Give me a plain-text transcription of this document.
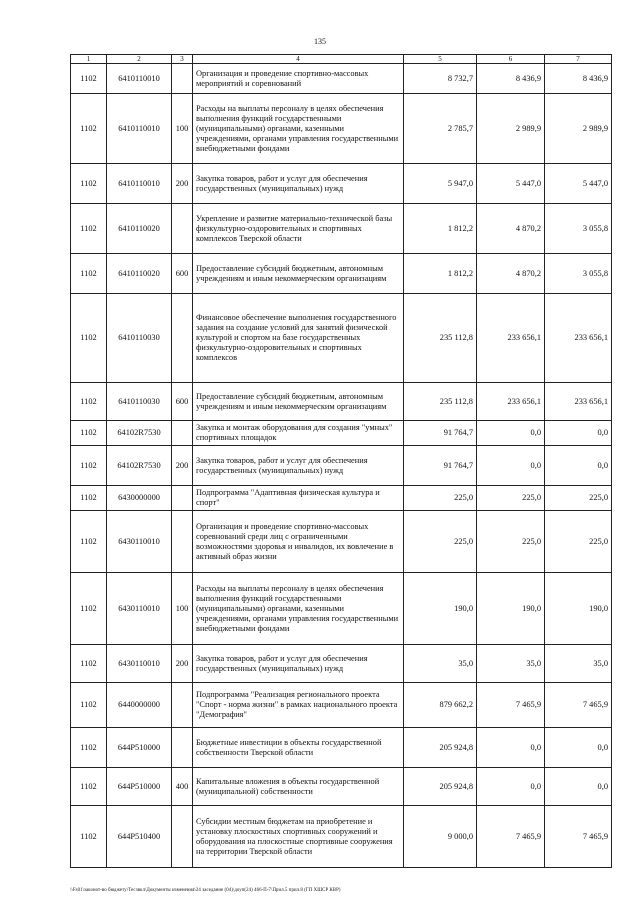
135
1	2	3	4	5	6	7
1102	6410110010		Организация и проведение спортивно-массовых мероприятий и соревнований	8 732,7	8 436,9	8 436,9
1102	6410110010	100	Расходы на выплаты персоналу в целях обеспечения выполнения функций государственными (муниципальными) органами, казенными учреждениями, органами управления государственными внебюджетными фондами	2 785,7	2 989,9	2 989,9
1102	6410110010	200	Закупка товаров, работ и услуг для обеспечения государственных (муниципальных) нужд	5 947,0	5 447,0	5 447,0
1102	6410110020		Укрепление и развитие материально-технической базы физкультурно-оздоровительных и спортивных комплексов Тверской области	1 812,2	4 870,2	3 055,8
1102	6410110020	600	Предоставление субсидий бюджетным, автономным учреждениям и иным некоммерческим организациям	1 812,2	4 870,2	3 055,8
1102	6410110030		Финансовое обеспечение выполнения государственного задания на создание условий для занятий физической культурой и спортом на базе государственных физкультурно-оздоровительных и спортивных комплексов	235 112,8	233 656,1	233 656,1
1102	6410110030	600	Предоставление субсидий бюджетным, автономным учреждениям и иным некоммерческим организациям	235 112,8	233 656,1	233 656,1
1102	64102R7530		Закупка и монтаж оборудования для создания "умных" спортивных площадок	91 764,7	0,0	0,0
1102	64102R7530	200	Закупка товаров, работ и услуг для обеспечения государственных (муниципальных) нужд	91 764,7	0,0	0,0
1102	6430000000		Подпрограмма "Адаптивная физическая культура и спорт"	225,0	225,0	225,0
1102	6430110010		Организация и проведение спортивно-массовых соревнований среди лиц с ограниченными возможностями здоровья и инвалидов, их вовлечение в активный образ жизни	225,0	225,0	225,0
1102	6430110010	100	Расходы на выплаты персоналу в целях обеспечения выполнения функций государственными (муниципальными) органами, казенными учреждениями, органами управления государственными внебюджетными фондами	190,0	190,0	190,0
1102	6430110010	200	Закупка товаров, работ и услуг для обеспечения государственных (муниципальных) нужд	35,0	35,0	35,0
1102	6440000000		Подпрограмма "Реализация регионального проекта "Спорт - норма жизни" в рамках национального проекта "Демография"	879 662,2	7 465,9	7 465,9
1102	644P510000		Бюджетные инвестиции в объекты государственной собственности Тверской области	205 924,8	0,0	0,0
1102	644P510000	400	Капитальные вложения в объекты государственной (муниципальной) собственности	205 924,8	0,0	0,0
1102	644P510400		Субсидии местным бюджетам на приобретение и установку плоскостных спортивных сооружений и оборудования на плоскостные спортивные сооружения на территории Тверской области	9 000,0	7 465,9	7 465,9
\\Fs01\законот-во бюджету\Тесзвкл\Документы изменения\24 заседание (04)\доуп(24) 466-П-7\Прил.5 прил.8 (ГП ХШСР КВР)
